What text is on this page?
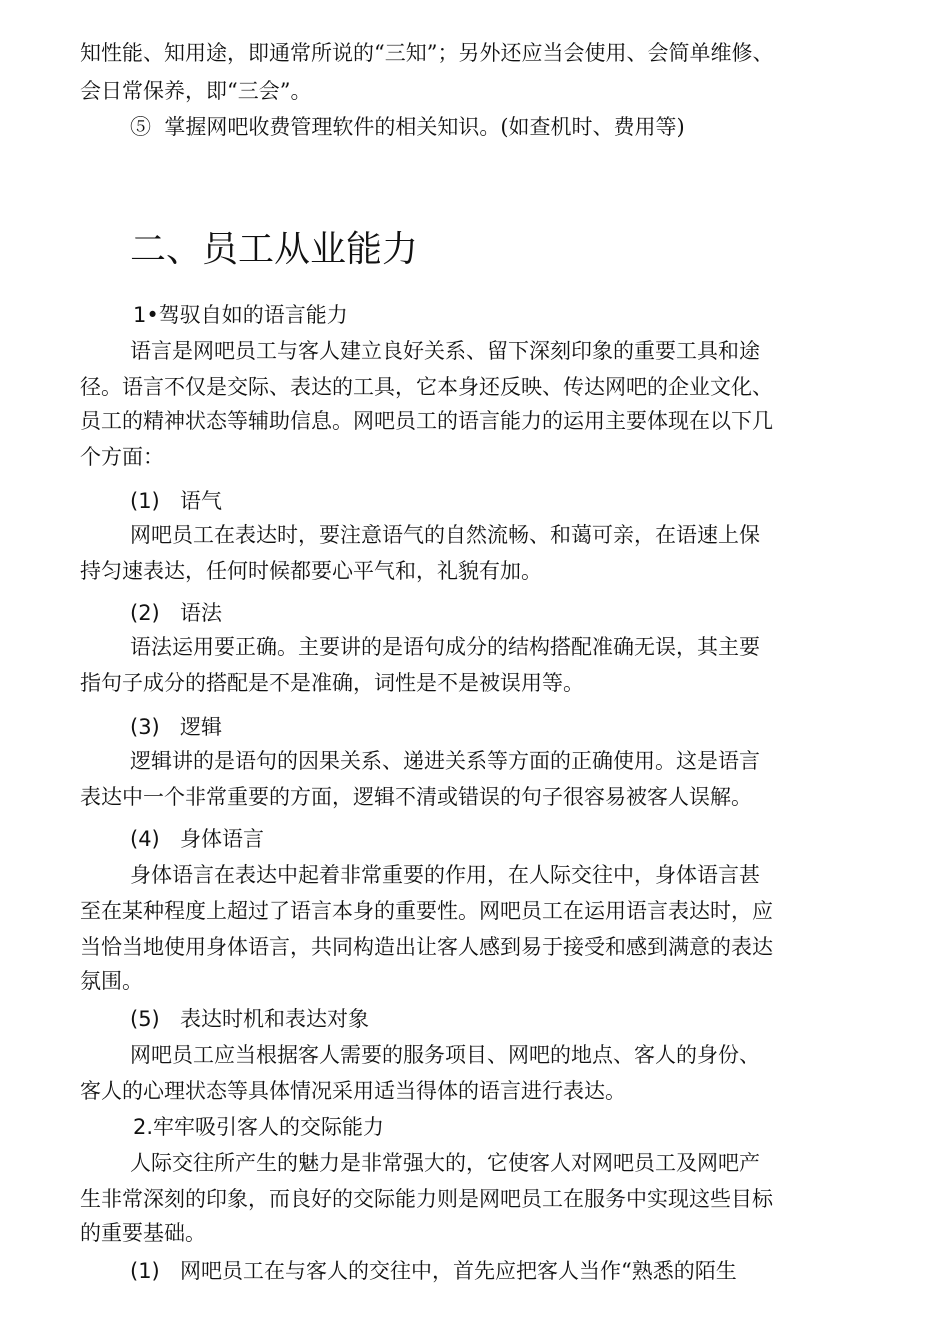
知性能、知用途，即通常所说的“三知”；另外还应当会使用、会简单维修、
会日常保养，即“三会”。
⑤ 掌握网吧收费管理软件的相关知识。(如查机时、费用等)
二、员工从业能力
1•驾驭自如的语言能力
语言是网吧员工与客人建立良好关系、留下深刻印象的重要工具和途
径。语言不仅是交际、表达的工具，它本身还反映、传达网吧的企业文化、
员工的精神状态等辅助信息。网吧员工的语言能力的运用主要体现在以下几
个方面：
(1) 语气
网吧员工在表达时，要注意语气的自然流畅、和蔼可亲，在语速上保
持匀速表达，任何时候都要心平气和，礼貌有加。
(2) 语法
语法运用要正确。主要讲的是语句成分的结构搭配准确无误，其主要
指句子成分的搭配是不是准确，词性是不是被误用等。
(3) 逻辑
逻辑讲的是语句的因果关系、递进关系等方面的正确使用。这是语言
表达中一个非常重要的方面，逻辑不清或错误的句子很容易被客人误解。
(4) 身体语言
身体语言在表达中起着非常重要的作用，在人际交往中，身体语言甚
至在某种程度上超过了语言本身的重要性。网吧员工在运用语言表达时，应
当恰当地使用身体语言，共同构造出让客人感到易于接受和感到满意的表达
氛围。
(5) 表达时机和表达对象
网吧员工应当根据客人需要的服务项目、网吧的地点、客人的身份、
客人的心理状态等具体情况采用适当得体的语言进行表达。
2.牢牢吸引客人的交际能力
人际交往所产生的魅力是非常强大的，它使客人对网吧员工及网吧产
生非常深刻的印象，而良好的交际能力则是网吧员工在服务中实现这些目标
的重要基础。
(1) 网吧员工在与客人的交往中，首先应把客人当作“熟悉的陌生
